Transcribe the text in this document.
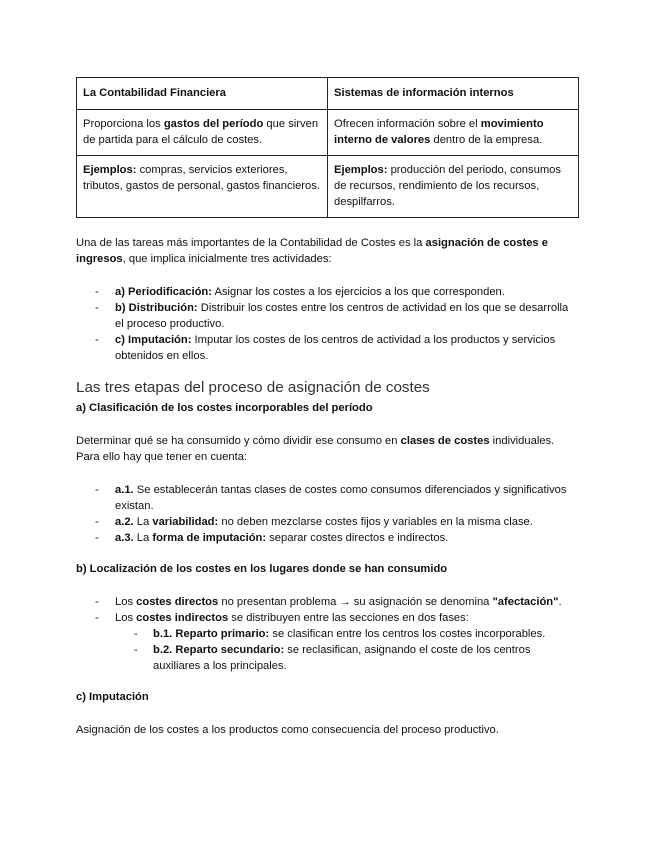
La Contabilidad Financiera	Sistemas de información internos
Proporciona los gastos del período que sirven de partida para el cálculo de costes.	Ofrecen información sobre el movimiento interno de valores dentro de la empresa.
Ejemplos: compras, servicios exteriores, tributos, gastos de personal, gastos financieros.	Ejemplos: producción del periodo, consumos de recursos, rendimiento de los recursos, despilfarros.

Una de las tareas más importantes de la Contabilidad de Costes es la asignación de costes e ingresos, que implica inicialmente tres actividades:

- a) Periodificación: Asignar los costes a los ejercicios a los que corresponden.
- b) Distribución: Distribuir los costes entre los centros de actividad en los que se desarrolla el proceso productivo.
- c) Imputación: Imputar los costes de los centros de actividad a los productos y servicios obtenidos en ellos.
Las tres etapas del proceso de asignación de costes
a) Clasificación de los costes incorporables del período

Determinar qué se ha consumido y cómo dividir ese consumo en clases de costes individuales. Para ello hay que tener en cuenta:

- a.1. Se establecerán tantas clases de costes como consumos diferenciados y significativos existan.
- a.2. La variabilidad: no deben mezclarse costes fijos y variables en la misma clase.
- a.3. La forma de imputación: separar costes directos e indirectos.
b) Localización de los costes en los lugares donde se han consumido
- Los costes directos no presentan problema → su asignación se denomina "afectación".
- Los costes indirectos se distribuyen entre las secciones en dos fases:
- b.1. Reparto primario: se clasifican entre los centros los costes incorporables.
- b.2. Reparto secundario: se reclasifican, asignando el coste de los centros auxiliares a los principales.
c) Imputación

Asignación de los costes a los productos como consecuencia del proceso productivo.
